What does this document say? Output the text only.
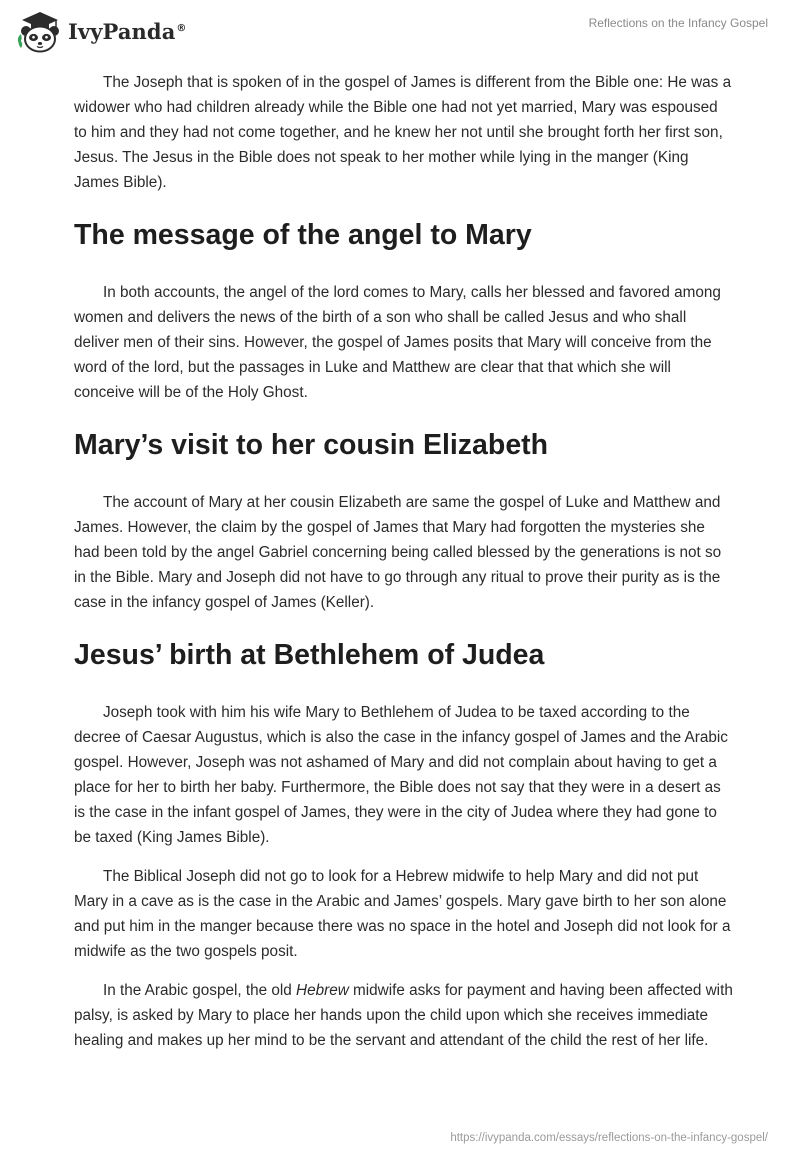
IvyPanda®	Reflections on the Infancy Gospel

The Joseph that is spoken of in the gospel of James is different from the Bible one: He was a widower who had children already while the Bible one had not yet married, Mary was espoused to him and they had not come together, and he knew her not until she brought forth her first son, Jesus. The Jesus in the Bible does not speak to her mother while lying in the manger (King James Bible).

The message of the angel to Mary

In both accounts, the angel of the lord comes to Mary, calls her blessed and favored among women and delivers the news of the birth of a son who shall be called Jesus and who shall deliver men of their sins. However, the gospel of James posits that Mary will conceive from the word of the lord, but the passages in Luke and Matthew are clear that that which she will conceive will be of the Holy Ghost.

Mary’s visit to her cousin Elizabeth

The account of Mary at her cousin Elizabeth are same the gospel of Luke and Matthew and James. However, the claim by the gospel of James that Mary had forgotten the mysteries she had been told by the angel Gabriel concerning being called blessed by the generations is not so in the Bible. Mary and Joseph did not have to go through any ritual to prove their purity as is the case in the infancy gospel of James (Keller).

Jesus’ birth at Bethlehem of Judea

Joseph took with him his wife Mary to Bethlehem of Judea to be taxed according to the decree of Caesar Augustus, which is also the case in the infancy gospel of James and the Arabic gospel. However, Joseph was not ashamed of Mary and did not complain about having to get a place for her to birth her baby. Furthermore, the Bible does not say that they were in a desert as is the case in the infant gospel of James, they were in the city of Judea where they had gone to be taxed (King James Bible).

The Biblical Joseph did not go to look for a Hebrew midwife to help Mary and did not put Mary in a cave as is the case in the Arabic and James’ gospels. Mary gave birth to her son alone and put him in the manger because there was no space in the hotel and Joseph did not look for a midwife as the two gospels posit.

In the Arabic gospel, the old Hebrew midwife asks for payment and having been affected with palsy, is asked by Mary to place her hands upon the child upon which she receives immediate healing and makes up her mind to be the servant and attendant of the child the rest of her life.

https://ivypanda.com/essays/reflections-on-the-infancy-gospel/
